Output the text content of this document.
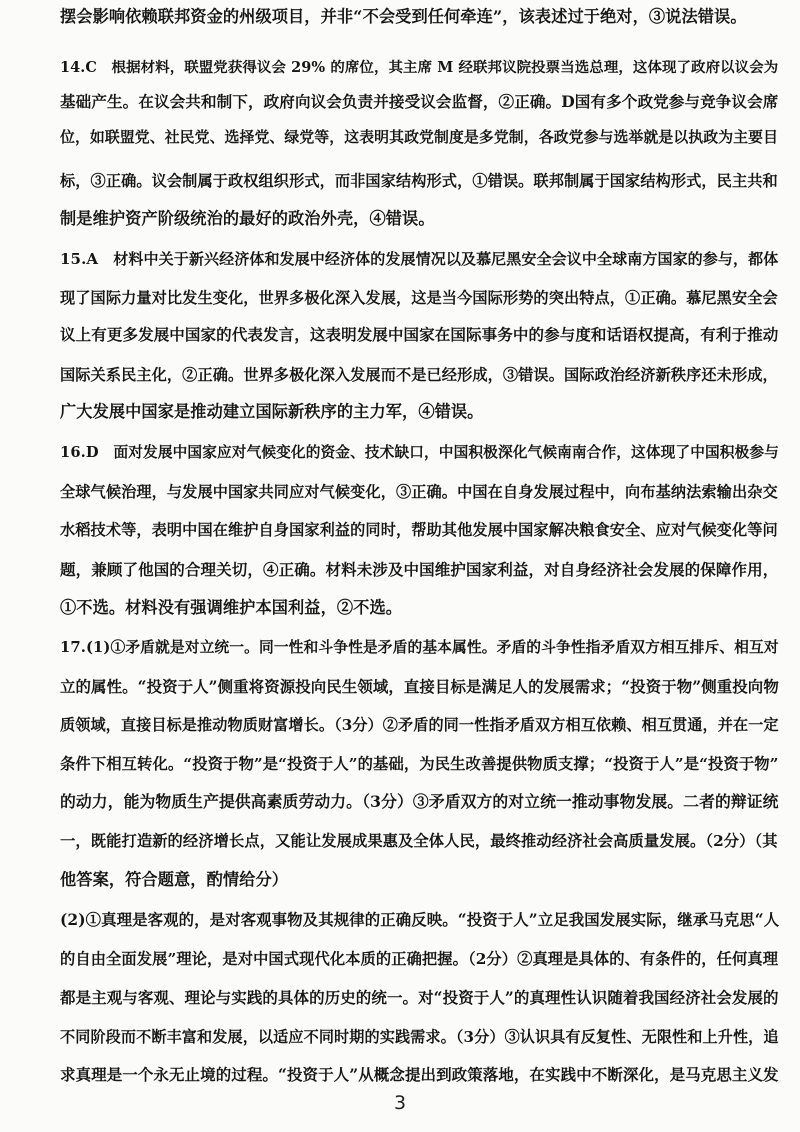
摆会影响依赖联邦资金的州级项目，并非“不会受到任何牵连”，该表述过于绝对，③说法错误。
14.C　根据材料，联盟党获得议会 29% 的席位，其主席 M 经联邦议院投票当选总理，这体现了政府以议会为
基础产生。在议会共和制下，政府向议会负责并接受议会监督，②正确。D国有多个政党参与竞争议会席
位，如联盟党、社民党、选择党、绿党等，这表明其政党制度是多党制，各政党参与选举就是以执政为主要目
标，③正确。议会制属于政权组织形式，而非国家结构形式，①错误。联邦制属于国家结构形式，民主共和
制是维护资产阶级统治的最好的政治外壳，④错误。
15.A　材料中关于新兴经济体和发展中经济体的发展情况以及慕尼黑安全会议中全球南方国家的参与，都体
现了国际力量对比发生变化，世界多极化深入发展，这是当今国际形势的突出特点，①正确。慕尼黑安全会
议上有更多发展中国家的代表发言，这表明发展中国家在国际事务中的参与度和话语权提高，有利于推动
国际关系民主化，②正确。世界多极化深入发展而不是已经形成，③错误。国际政治经济新秩序还未形成，
广大发展中国家是推动建立国际新秩序的主力军，④错误。
16.D　面对发展中国家应对气候变化的资金、技术缺口，中国积极深化气候南南合作，这体现了中国积极参与
全球气候治理，与发展中国家共同应对气候变化，③正确。中国在自身发展过程中，向布基纳法索输出杂交
水稻技术等，表明中国在维护自身国家利益的同时，帮助其他发展中国家解决粮食安全、应对气候变化等问
题，兼顾了他国的合理关切，④正确。材料未涉及中国维护国家利益，对自身经济社会发展的保障作用，
①不选。材料没有强调维护本国利益，②不选。
17.(1)①矛盾就是对立统一。同一性和斗争性是矛盾的基本属性。矛盾的斗争性指矛盾双方相互排斥、相互对
立的属性。“投资于人”侧重将资源投向民生领域，直接目标是满足人的发展需求；“投资于物”侧重投向物
质领域，直接目标是推动物质财富增长。（3分）②矛盾的同一性指矛盾双方相互依赖、相互贯通，并在一定
条件下相互转化。“投资于物”是“投资于人”的基础，为民生改善提供物质支撑；“投资于人”是“投资于物”
的动力，能为物质生产提供高素质劳动力。（3分）③矛盾双方的对立统一推动事物发展。二者的辩证统
一，既能打造新的经济增长点，又能让发展成果惠及全体人民，最终推动经济社会高质量发展。（2分）（其
他答案，符合题意，酌情给分）
(2)①真理是客观的，是对客观事物及其规律的正确反映。“投资于人”立足我国发展实际，继承马克思“人
的自由全面发展”理论，是对中国式现代化本质的正确把握。（2分）②真理是具体的、有条件的，任何真理
都是主观与客观、理论与实践的具体的历史的统一。对“投资于人”的真理性认识随着我国经济社会发展的
不同阶段而不断丰富和发展，以适应不同时期的实践需求。（3分）③认识具有反复性、无限性和上升性，追
求真理是一个永无止境的过程。“投资于人”从概念提出到政策落地，在实践中不断深化，是马克思主义发
3
